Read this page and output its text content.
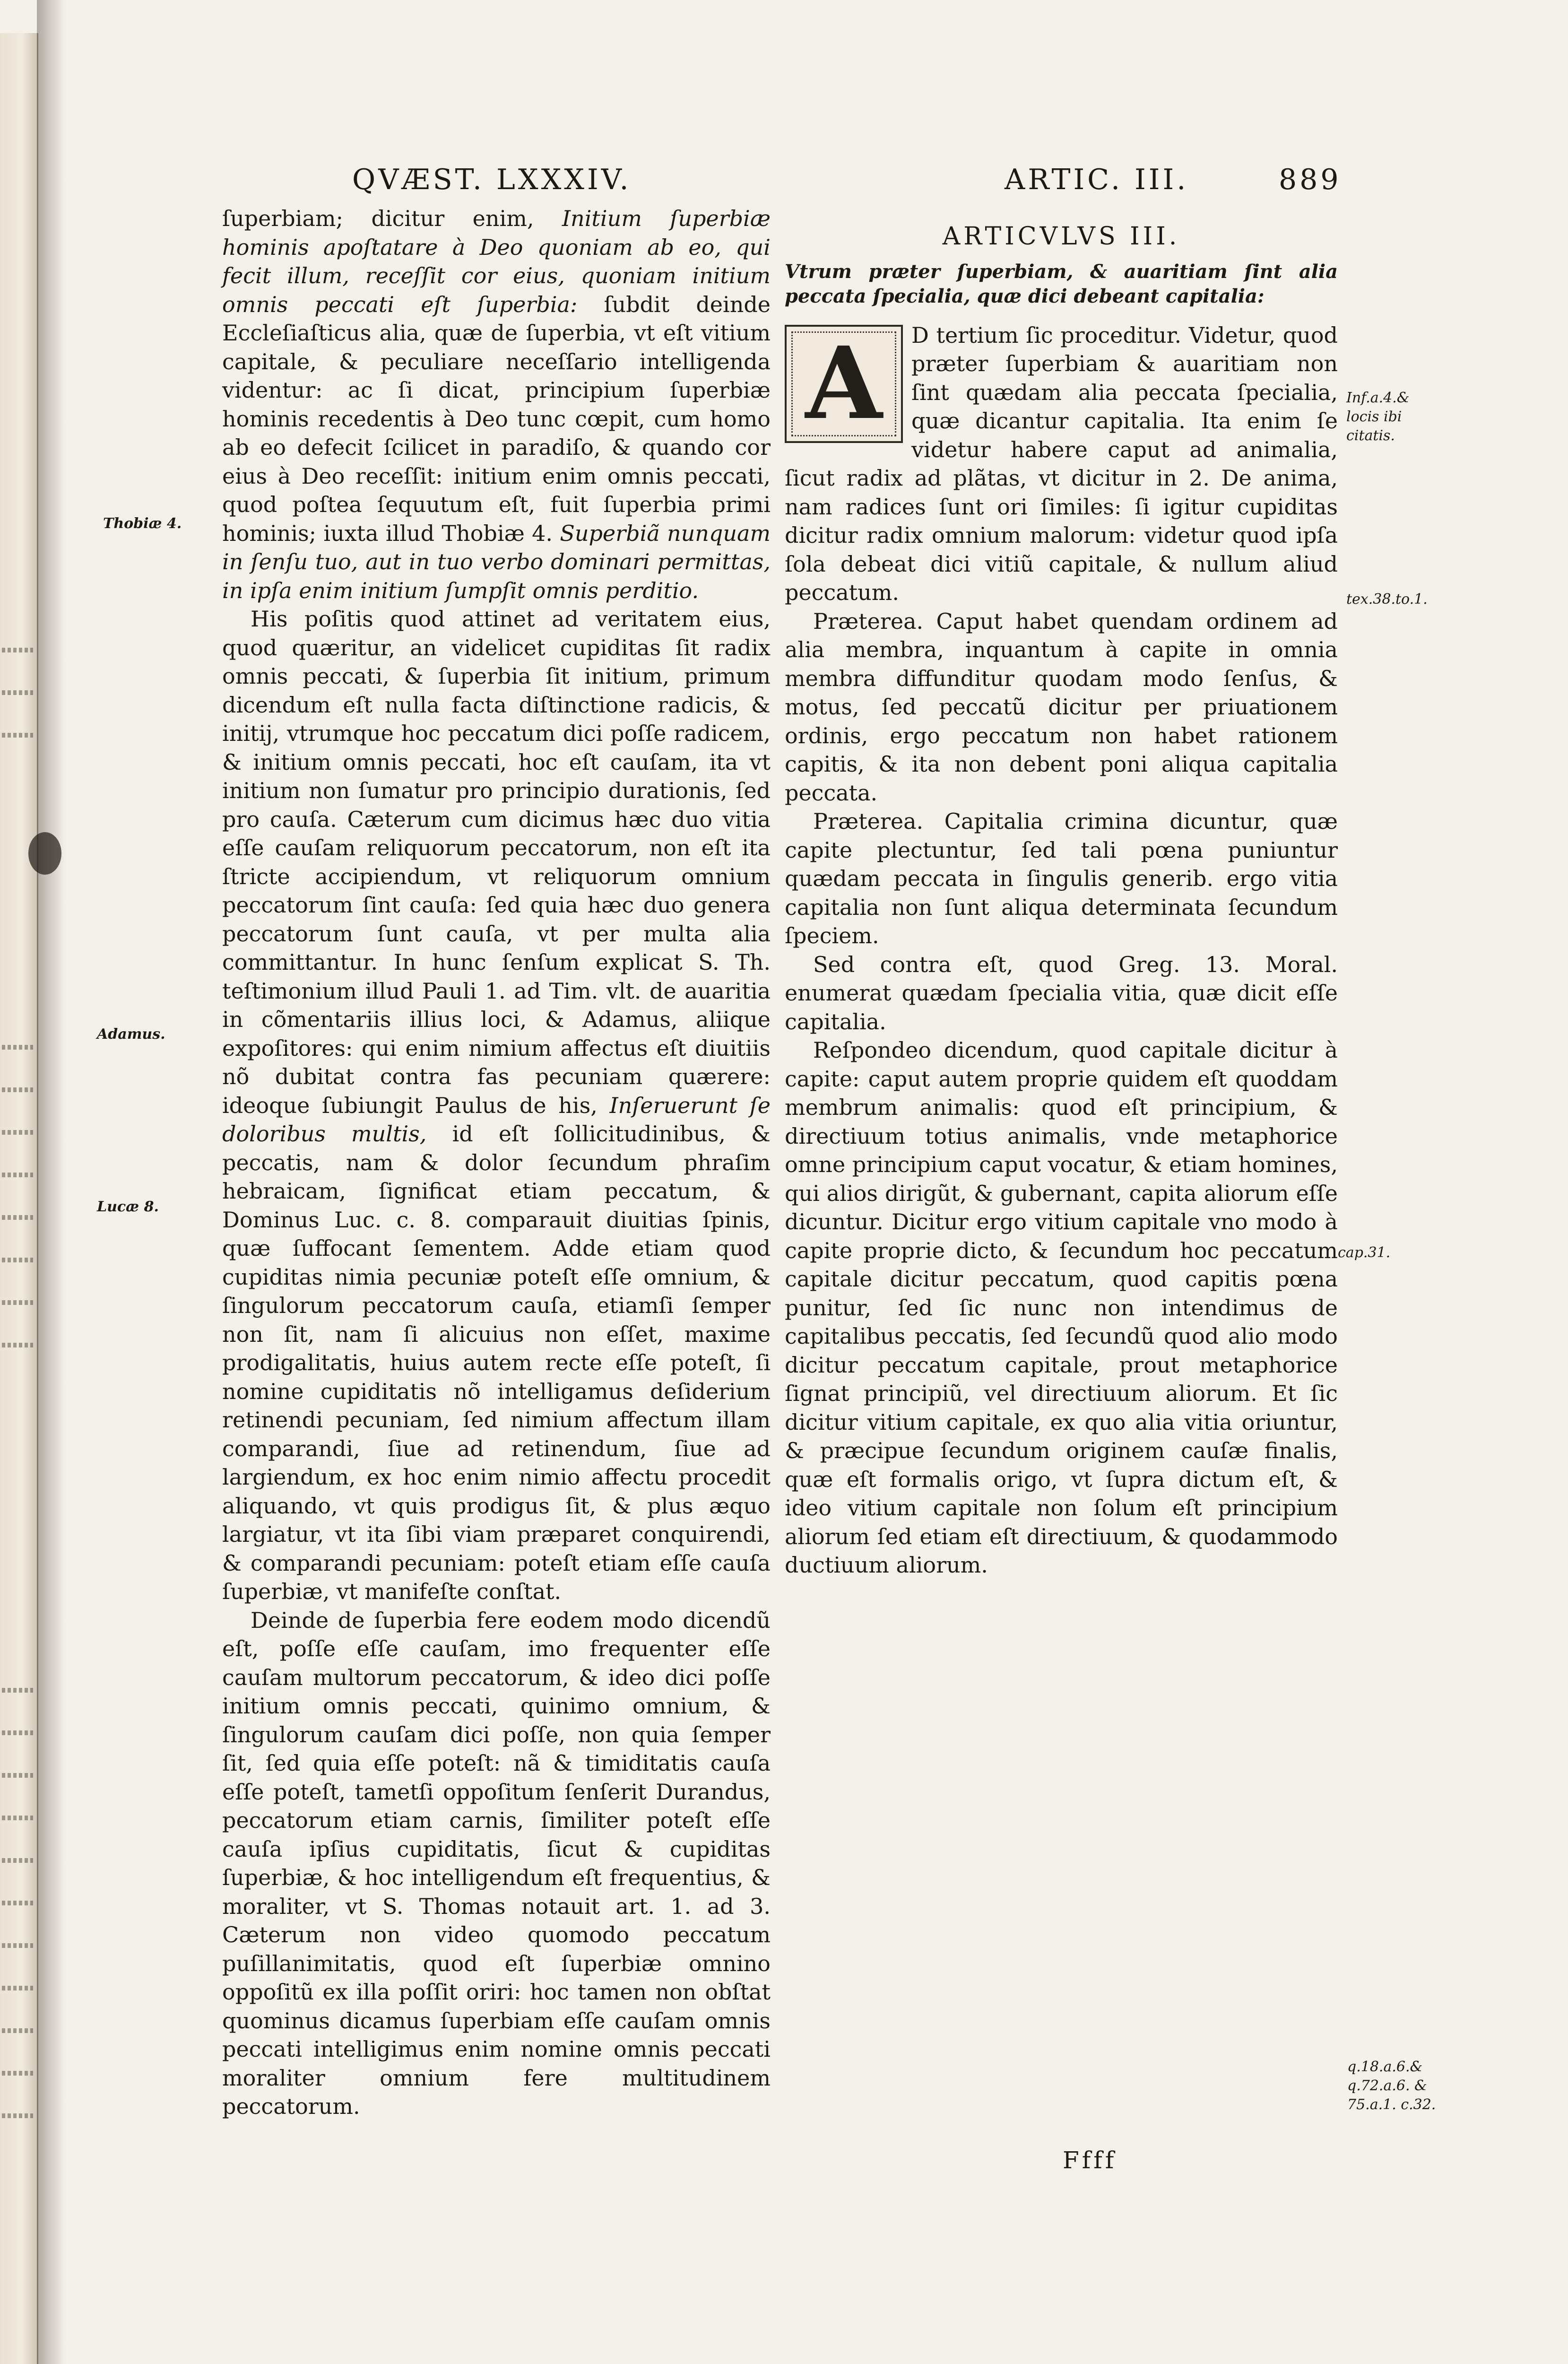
QVÆST. LXXXIV.	ARTIC. III.	889

ſuperbiam; dicitur enim, Initium ſuperbiæ hominis apoſtatare à Deo quoniam ab eo, qui fecit illum, receſſit cor eius, quoniam initium omnis peccati eſt ſuperbia: ſubdit deinde Eccleſiaſticus alia, quæ de ſuperbia, vt eſt vitium capitale, & peculiare neceſſario intelligenda videntur: ac ſi dicat, principium ſuperbiæ hominis recedentis à Deo tunc cœpit, cum homo ab eo defecit ſcilicet in paradiſo, & quando cor eius à Deo receſſit: initium enim omnis peccati, quod poſtea ſequutum eſt, fuit ſuperbia primi hominis; iuxta illud Thobiæ 4. Superbiã nunquam in ſenſu tuo, aut in tuo verbo dominari permittas, in ipſa enim initium ſumpſit omnis perditio.

His poſitis quod attinet ad veritatem eius, quod quæritur, an videlicet cupiditas ſit radix omnis peccati, & ſuperbia ſit initium, primum dicendum eſt nulla facta diſtinctione radicis, & initij, vtrumque hoc peccatum dici poſſe radicem, & initium omnis peccati, hoc eſt cauſam, ita vt initium non ſumatur pro principio durationis, ſed pro cauſa. Cæterum cum dicimus hæc duo vitia eſſe cauſam reliquorum peccatorum, non eſt ita ſtricte accipiendum, vt reliquorum omnium peccatorum ſint cauſa: ſed quia hæc duo genera peccatorum ſunt cauſa, vt per multa alia committantur. In hunc ſenſum explicat S. Th. teſtimonium illud Pauli 1. ad Tim. vlt. de auaritia in cõmentariis illius loci, & Adamus, aliique expoſitores: qui enim nimium affectus eſt diuitiis nõ dubitat contra fas pecuniam quærere: ideoque ſubiungit Paulus de his, Inſeruerunt ſe doloribus multis, id eſt ſollicitudinibus, & peccatis, nam & dolor ſecundum phraſim hebraicam, ſignificat etiam peccatum, & Dominus Luc. c. 8. comparauit diuitias ſpinis, quæ ſuffocant ſementem. Adde etiam quod cupiditas nimia pecuniæ poteſt eſſe omnium, & ſingulorum peccatorum cauſa, etiamſi ſemper non ſit, nam ſi alicuius non eſſet, maxime prodigalitatis, huius autem recte eſſe poteſt, ſi nomine cupiditatis nõ intelligamus deſiderium retinendi pecuniam, ſed nimium affectum illam comparandi, ſiue ad retinendum, ſiue ad largiendum, ex hoc enim nimio affectu procedit aliquando, vt quis prodigus ſit, & plus æquo largiatur, vt ita ſibi viam præparet conquirendi, & comparandi pecuniam: poteſt etiam eſſe cauſa ſuperbiæ, vt manifeſte conſtat.

Deinde de ſuperbia fere eodem modo dicendũ eſt, poſſe eſſe cauſam, imo frequenter eſſe cauſam multorum peccatorum, & ideo dici poſſe initium omnis peccati, quinimo omnium, & ſingulorum cauſam dici poſſe, non quia ſemper ſit, ſed quia eſſe poteſt: nã & timiditatis cauſa eſſe poteſt, tametſi oppoſitum ſenſerit Durandus, peccatorum etiam carnis, ſimiliter poteſt eſſe cauſa ipſius cupiditatis, ſicut & cupiditas ſuperbiæ, & hoc intelligendum eſt frequentius, & moraliter, vt S. Thomas notauit art. 1. ad 3. Cæterum non video quomodo peccatum puſillanimitatis, quod eſt ſuperbiæ omnino oppoſitũ ex illa poſſit oriri: hoc tamen non obſtat quominus dicamus ſuperbiam eſſe cauſam omnis peccati intelligimus enim nomine omnis peccati moraliter omnium fere multitudinem peccatorum.

ARTICVLVS III.

Vtrum præter ſuperbiam, & auaritiam ſint alia peccata ſpecialia, quæ dici debeant capitalia:

A	D tertium ſic proceditur. Videtur, quod præter ſuperbiam & auaritiam non ſint quædam alia peccata ſpecialia, quæ dicantur capitalia. Ita enim ſe videtur habere caput ad animalia, ſicut radix ad plãtas, vt dicitur in 2. De anima, nam radices ſunt ori ſimiles: ſi igitur cupiditas dicitur radix omnium malorum: videtur quod ipſa ſola debeat dici vitiũ capitale, & nullum aliud peccatum.

Præterea. Caput habet quendam ordinem ad alia membra, inquantum à capite in omnia membra diffunditur quodam modo ſenſus, & motus, ſed peccatũ dicitur per priuationem ordinis, ergo peccatum non habet rationem capitis, & ita non debent poni aliqua capitalia peccata.

Præterea. Capitalia crimina dicuntur, quæ capite plectuntur, ſed tali pœna puniuntur quædam peccata in ſingulis generib. ergo vitia capitalia non ſunt aliqua determinata ſecundum ſpeciem.

Sed contra eſt, quod Greg. 13. Moral. enumerat quædam ſpecialia vitia, quæ dicit eſſe capitalia.

Reſpondeo dicendum, quod capitale dicitur à capite: caput autem proprie quidem eſt quoddam membrum animalis: quod eſt principium, & directiuum totius animalis, vnde metaphorice omne principium caput vocatur, & etiam homines, qui alios dirigũt, & gubernant, capita aliorum eſſe dicuntur. Dicitur ergo vitium capitale vno modo à capite proprie dicto, & ſecundum hoc peccatum capitale dicitur peccatum, quod capitis pœna punitur, ſed ſic nunc non intendimus de capitalibus peccatis, ſed ſecundũ quod alio modo dicitur peccatum capitale, prout metaphorice ſignat principiũ, vel directiuum aliorum. Et ſic dicitur vitium capitale, ex quo alia vitia oriuntur, & præcipue ſecundum originem cauſæ finalis, quæ eſt formalis origo, vt ſupra dictum eſt, & ideo vitium capitale non ſolum eſt principium aliorum ſed etiam eſt directiuum, & quodammodo ductiuum aliorum.

Thobiæ 4.
Adamus.
Lucæ 8.
Inf.a.4.& locis ibi citatis.
tex.38.to.1.
cap.31.
q.18.a.6.& q.72.a.6. & 75.a.1. c.32.
Ffff
